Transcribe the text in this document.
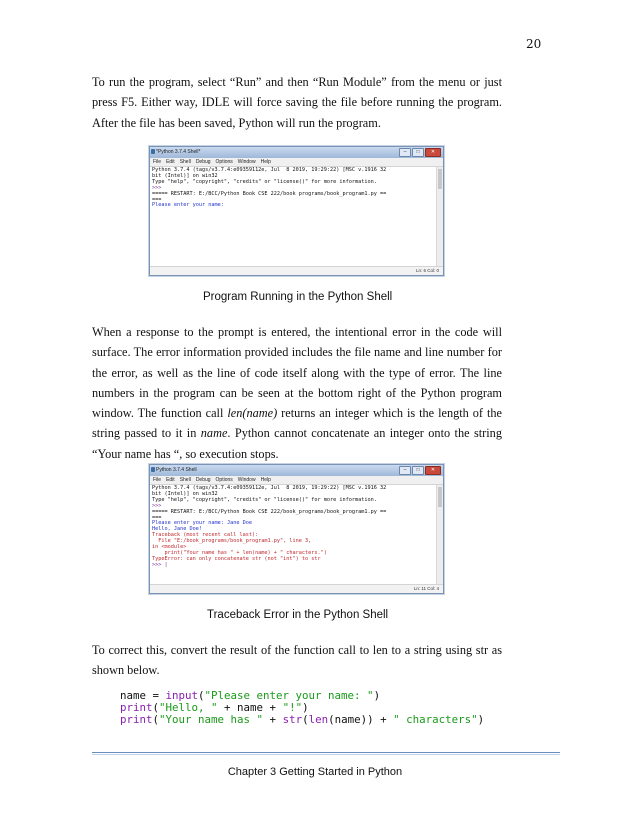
20

To run the program, select “Run” and then “Run Module” from the menu or just press F5. Either way, IDLE will force saving the file before running the program. After the file has been saved, Python will run the program.

*Python 3.7.4 Shell*	–	□	✕
File Edit Shell Debug Options Window Help
Python 3.7.4 (tags/v3.7.4:e09359112e, Jul  8 2019, 19:29:22) [MSC v.1916 32
bit (Intel)] on win32
Type "help", "copyright", "credits" or "license()" for more information.
>>>
===== RESTART: E:/BCC/Python Book CSE 222/book programs/book_program1.py ==
===
Please enter your name:
Ln: 6 Col: 0
Program Running in the Python Shell

When a response to the prompt is entered, the intentional error in the code will surface. The error information provided includes the file name and line number for the error, as well as the line of code itself along with the type of error. The line numbers in the program can be seen at the bottom right of the Python program window. The function call len(name) returns an integer which is the length of the string passed to it in name. Python cannot concatenate an integer onto the string “Your name has “, so execution stops.

Python 3.7.4 Shell	–	□	✕
File Edit Shell Debug Options Window Help
Python 3.7.4 (tags/v3.7.4:e09359112e, Jul  8 2019, 19:29:22) [MSC v.1916 32
bit (Intel)] on win32
Type "help", "copyright", "credits" or "license()" for more information.
>>>
===== RESTART: E:/BCC/Python Book CSE 222/book_programs/book_program1.py ==
===
Please enter your name: Jane Doe
Hello, Jane Doe!
Traceback (most recent call last):
File "E:/book_programs/book_program1.py", line 3,
in <module>
print("Your name has " + len(name) + " characters.")
TypeError: can only concatenate str (not "int") to str
>>> |
Ln: 11 Col: 4
Traceback Error in the Python Shell

To correct this, convert the result of the function call to len to a string using str as shown below.

name = input("Please enter your name: ")
print("Hello, " + name + "!")
print("Your name has " + str(len(name)) + " characters")
Chapter 3 Getting Started in Python
